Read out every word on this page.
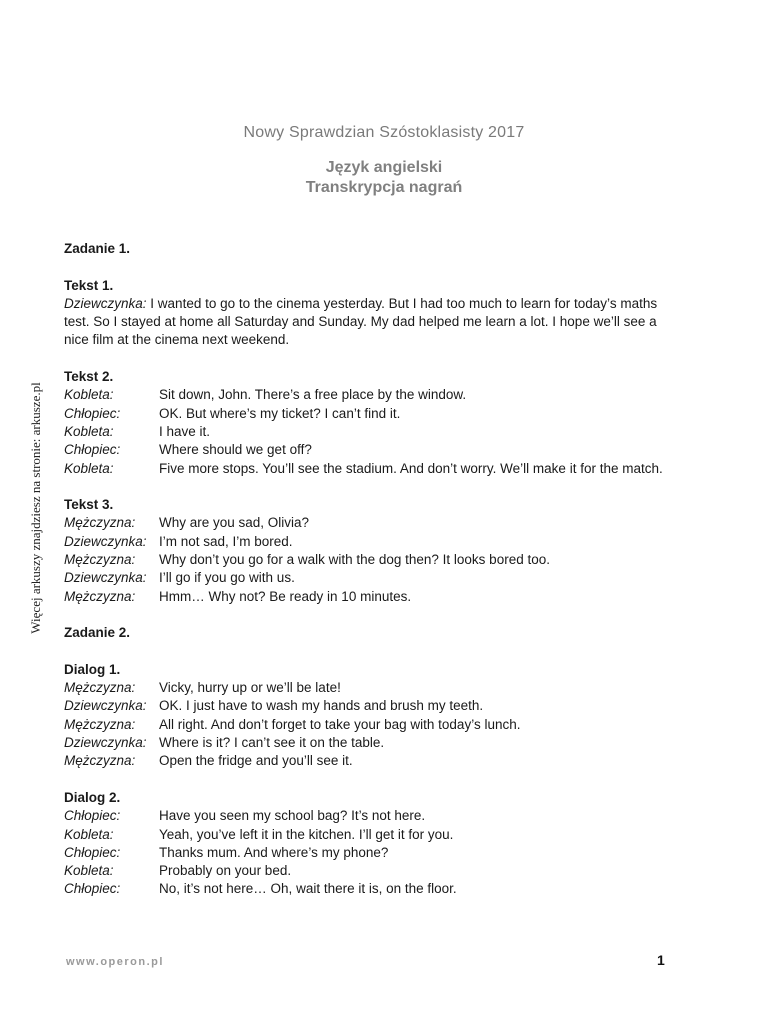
Więcej arkuszy znajdziesz na stronie: arkusze.pl
Nowy Sprawdzian Szóstoklasisty 2017
Język angielski
Transkrypcja nagrań
Zadanie 1.
Tekst 1.
Dziewczynka: I wanted to go to the cinema yesterday. But I had too much to learn for today’s maths test. So I stayed at home all Saturday and Sunday. My dad helped me learn a lot. I hope we’ll see a nice film at the cinema next weekend.
Tekst 2.
Kobleta:	Sit down, John. There’s a free place by the window.
Chłopiec:	OK. But where’s my ticket? I can’t find it.
Kobleta:	I have it.
Chłopiec:	Where should we get off?
Kobleta:	Five more stops. You’ll see the stadium. And don’t worry. We’ll make it for the match.
Tekst 3.
Mężczyzna:	Why are you sad, Olivia?
Dziewczynka: I’m not sad, I’m bored.
Mężczyzna:	Why don’t you go for a walk with the dog then? It looks bored too.
Dziewczynka: I’ll go if you go with us.
Mężczyzna:	Hmm… Why not? Be ready in 10 minutes.
Zadanie 2.
Dialog 1.
Mężczyzna:	Vicky, hurry up or we’ll be late!
Dziewczynka: OK. I just have to wash my hands and brush my teeth.
Mężczyzna:	All right. And don’t forget to take your bag with today’s lunch.
Dziewczynka: Where is it? I can’t see it on the table.
Mężczyzna:	Open the fridge and you’ll see it.
Dialog 2.
Chłopiec:	Have you seen my school bag? It’s not here.
Kobleta:	Yeah, you’ve left it in the kitchen. I’ll get it for you.
Chłopiec:	Thanks mum. And where’s my phone?
Kobleta:	Probably on your bed.
Chłopiec:	No, it’s not here… Oh, wait there it is, on the floor.
www.operon.pl	1
